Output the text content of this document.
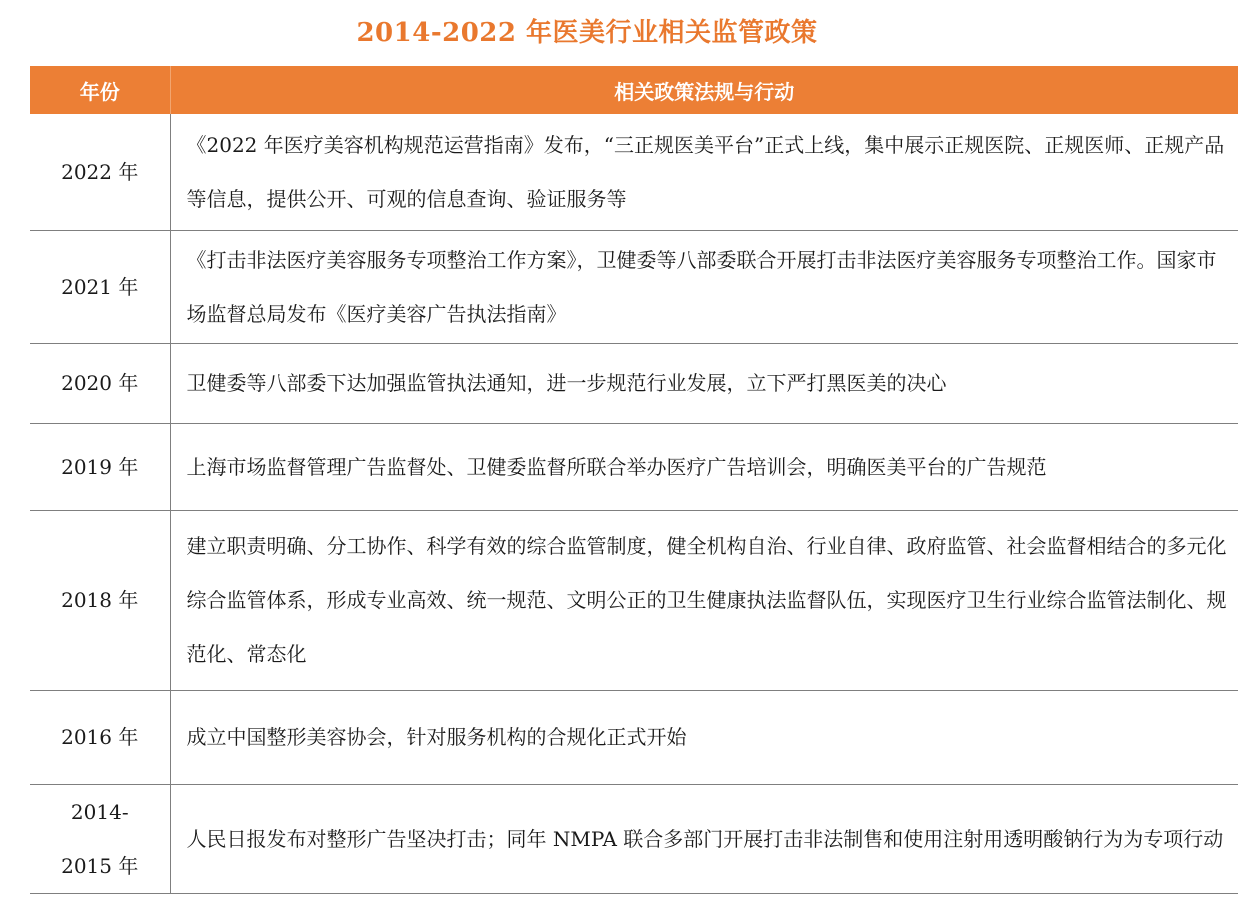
2014-2022 年医美行业相关监管政策
年份	相关政策法规与行动

2022 年	《2022 年医疗美容机构规范运营指南》发布，“三正规医美平台”正式上线，集中展示正规医院、正规医师、正规产品等信息，提供公开、可观的信息查询、验证服务等

2021 年	《打击非法医疗美容服务专项整治工作方案》，卫健委等八部委联合开展打击非法医疗美容服务专项整治工作。国家市场监督总局发布《医疗美容广告执法指南》

2020 年	卫健委等八部委下达加强监管执法通知，进一步规范行业发展，立下严打黑医美的决心

2019 年	上海市场监督管理广告监督处、卫健委监督所联合举办医疗广告培训会，明确医美平台的广告规范

2018 年	建立职责明确、分工协作、科学有效的综合监管制度，健全机构自治、行业自律、政府监管、社会监督相结合的多元化综合监管体系，形成专业高效、统一规范、文明公正的卫生健康执法监督队伍，实现医疗卫生行业综合监管法制化、规范化、常态化

2016 年	成立中国整形美容协会，针对服务机构的合规化正式开始

2014-
2015 年	人民日报发布对整形广告坚决打击；同年 NMPA 联合多部门开展打击非法制售和使用注射用透明酸钠行为为专项行动
